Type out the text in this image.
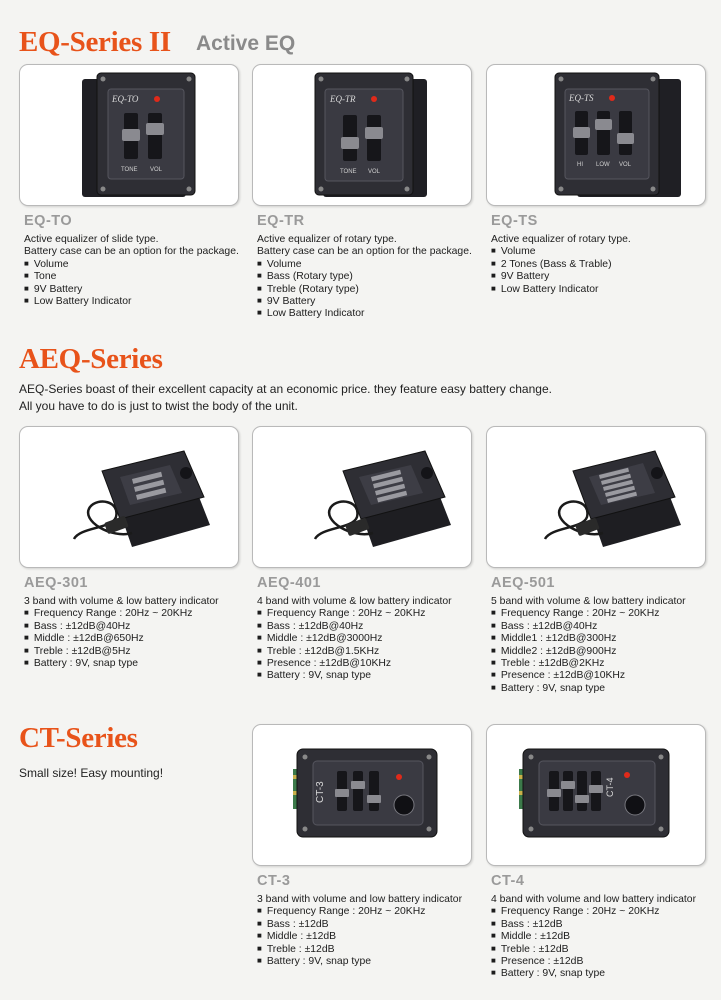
EQ-Series II Active EQ
EQ-TO
TONE VOL
EQ-TR
TONE VOL
EQ-TS
HI LOW VOL
EQ-TO
Active equalizer of slide type.
Battery case can be an option for the package.
■ Volume
■ Tone
■ 9V Battery
■ Low Battery Indicator
EQ-TR
Active equalizer of rotary type.
Battery case can be an option for the package.
■ Volume
■ Bass (Rotary type)
■ Treble (Rotary type)
■ 9V Battery
■ Low Battery Indicator
EQ-TS
Active equalizer of rotary type.
■ Volume
■ 2 Tones (Bass & Trable)
■ 9V Battery
■ Low Battery Indicator
AEQ-Series
AEQ-Series boast of their excellent capacity at an economic price. they feature easy battery change.
All you have to do is just to twist the body of the unit.
AEQ-301
3 band with volume & low battery indicator
■ Frequency Range : 20Hz ~ 20KHz
■ Bass : ±12dB@40Hz
■ Middle : ±12dB@650Hz
■ Treble : ±12dB@5Hz
■ Battery : 9V, snap type
AEQ-401
4 band with volume & low battery indicator
■ Frequency Range : 20Hz ~ 20KHz
■ Bass : ±12dB@40Hz
■ Middle : ±12dB@3000Hz
■ Treble : ±12dB@1.5KHz
■ Presence : ±12dB@10KHz
■ Battery : 9V, snap type
AEQ-501
5 band with volume & low battery indicator
■ Frequency Range : 20Hz ~ 20KHz
■ Bass : ±12dB@40Hz
■ Middle1 : ±12dB@300Hz
■ Middle2 : ±12dB@900Hz
■ Treble : ±12dB@2KHz
■ Presence : ±12dB@10KHz
■ Battery : 9V, snap type
CT-Series
Small size! Easy mounting!
CT-3	CT-4
CT-3
3 band with volume and low battery indicator
■ Frequency Range : 20Hz ~ 20KHz
■ Bass : ±12dB
■ Middle : ±12dB
■ Treble : ±12dB
■ Battery : 9V, snap type
CT-4
4 band with volume and low battery indicator
■ Frequency Range : 20Hz ~ 20KHz
■ Bass : ±12dB
■ Middle : ±12dB
■ Treble : ±12dB
■ Presence : ±12dB
■ Battery : 9V, snap type
